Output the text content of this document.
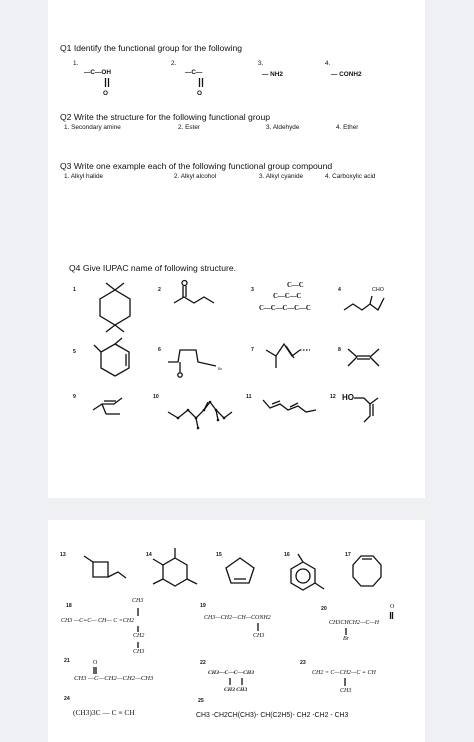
Q1 Identify the functional group for the following
1.
—C—OH
O
2.
—C—
O
3.
— NH2
4.
— CONH2
Q2 Write the structure for the following functional group
1. Secondary amine	2. Ester	3. Aldehyde	4. Ether
Q3 Write one example each of the following functional group compound
1. Alkyl halide	2. Alkyl alcohol	3. Alkyl cyanide	4. Carboxylic acid
Q4 Give IUPAC name of following structure.
1	2	3	4
C—C
C—C—C
C—C—C—C—C
CHO
5	6	7	8
Br
9	10	11	12 HO
13	14	15	16	17
18
CH3
CH3 —C≡C— CH— C =CH2
CH2
CH3
19
CH3—CH2—CH—CONH2
CH3
20	O
CH3CHCH2—C—H
Br
21	O
CH3 —C—CH2—CH2—CH3
22
CH3—C—C—CH3
CH3 CH3
23
CH2 = C—CH2—C ≡ CH
CH3
24
(CH3)3C — C ≡ CH
25
CH3 -CH2CH(CH3)- CH(C2H5)- CH2 -CH2 - CH3
